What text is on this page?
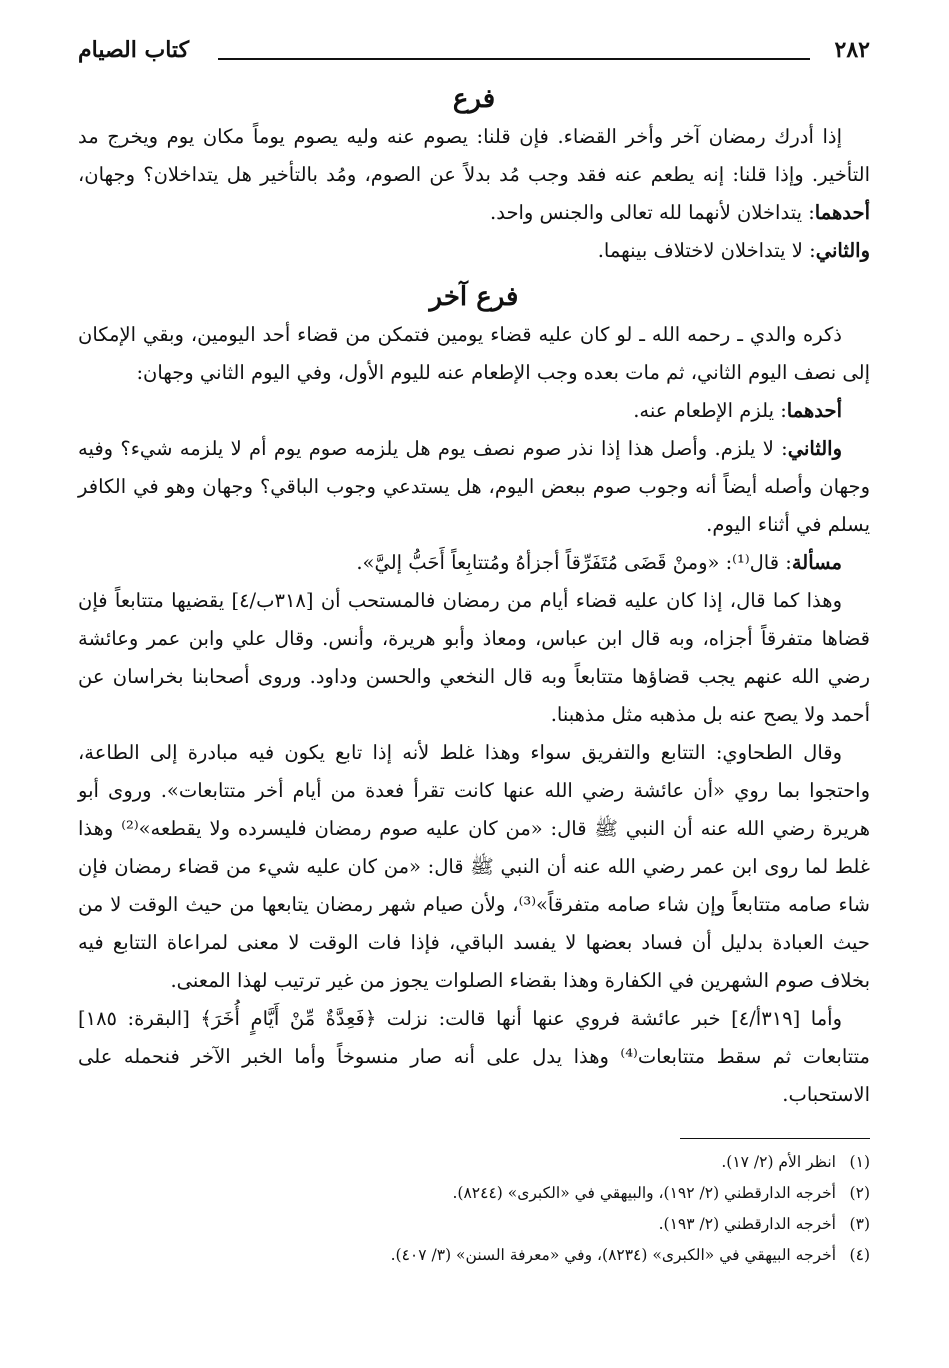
٢٨٢
كتاب الصيام
فرع

إذا أدرك رمضان آخر وأخر القضاء. فإن قلنا: يصوم عنه وليه يصوم يوماً مكان يوم ويخرج مد التأخير. وإذا قلنا: إنه يطعم عنه فقد وجب مُد بدلاً عن الصوم، ومُد بالتأخير هل يتداخلان؟ وجهان، أحدهما: يتداخلان لأنهما لله تعالى والجنس واحد.

والثاني: لا يتداخلان لاختلاف بينهما.

فرع آخر

ذكره والدي ـ رحمه الله ـ لو كان عليه قضاء يومين فتمكن من قضاء أحد اليومين، وبقي الإمكان إلى نصف اليوم الثاني، ثم مات بعده وجب الإطعام عنه لليوم الأول، وفي اليوم الثاني وجهان:

أحدهما: يلزم الإطعام عنه.

والثاني: لا يلزم. وأصل هذا إذا نذر صوم نصف يوم هل يلزمه صوم يوم أم لا يلزمه شيء؟ وفيه وجهان وأصله أيضاً أنه وجوب صوم ببعض اليوم، هل يستدعي وجوب الباقي؟ وجهان وهو في الكافر يسلم في أثناء اليوم.

مسألة: قال⁽¹⁾: «ومنْ قَضَى مُتَفَرِّقاً أجزأهُ ومُتتابِعاً أَحَبُّ إليَّ».

وهذا كما قال، إذا كان عليه قضاء أيام من رمضان فالمستحب أن [٣١٨ب/٤] يقضيها متتابعاً فإن قضاها متفرقاً أجزاه، وبه قال ابن عباس، ومعاذ وأبو هريرة، وأنس. وقال علي وابن عمر وعائشة رضي الله عنهم يجب قضاؤها متتابعاً وبه قال النخعي والحسن وداود. وروى أصحابنا بخراسان عن أحمد ولا يصح عنه بل مذهبه مثل مذهبنا.

وقال الطحاوي: التتابع والتفريق سواء وهذا غلط لأنه إذا تابع يكون فيه مبادرة إلى الطاعة، واحتجوا بما روي «أن عائشة رضي الله عنها كانت تقرأ فعدة من أيام أخر متتابعات». وروى أبو هريرة رضي الله عنه أن النبي ﷺ قال: «من كان عليه صوم رمضان فليسرده ولا يقطعه»⁽²⁾ وهذا غلط لما روى ابن عمر رضي الله عنه أن النبي ﷺ قال: «من كان عليه شيء من قضاء رمضان فإن شاء صامه متتابعاً وإن شاء صامه متفرقاً»⁽³⁾، ولأن صيام شهر رمضان يتابعها من حيث الوقت لا من حيث العبادة بدليل أن فساد بعضها لا يفسد الباقي، فإذا فات الوقت لا معنى لمراعاة التتابع فيه بخلاف صوم الشهرين في الكفارة وهذا بقضاء الصلوات يجوز من غير ترتيب لهذا المعنى.

وأما [٣١٩أ/٤] خبر عائشة فروي عنها أنها قالت: نزلت ﴿فَعِدَّةٌ مِّنْ أَيَّامٍ أُخَرَ﴾ [البقرة: ١٨٥] متتابعات ثم سقط متتابعات⁽⁴⁾ وهذا يدل على أنه صار منسوخاً وأما الخبر الآخر فنحمله على الاستحباب.

(١)انظر الأم (٢/ ١٧).
(٢)أخرجه الدارقطني (٢/ ١٩٢)، والبيهقي في «الكبرى» (٨٢٤٤).
(٣)أخرجه الدارقطني (٢/ ١٩٣).
(٤)أخرجه البيهقي في «الكبرى» (٨٢٣٤)، وفي «معرفة السنن» (٣/ ٤٠٧).
